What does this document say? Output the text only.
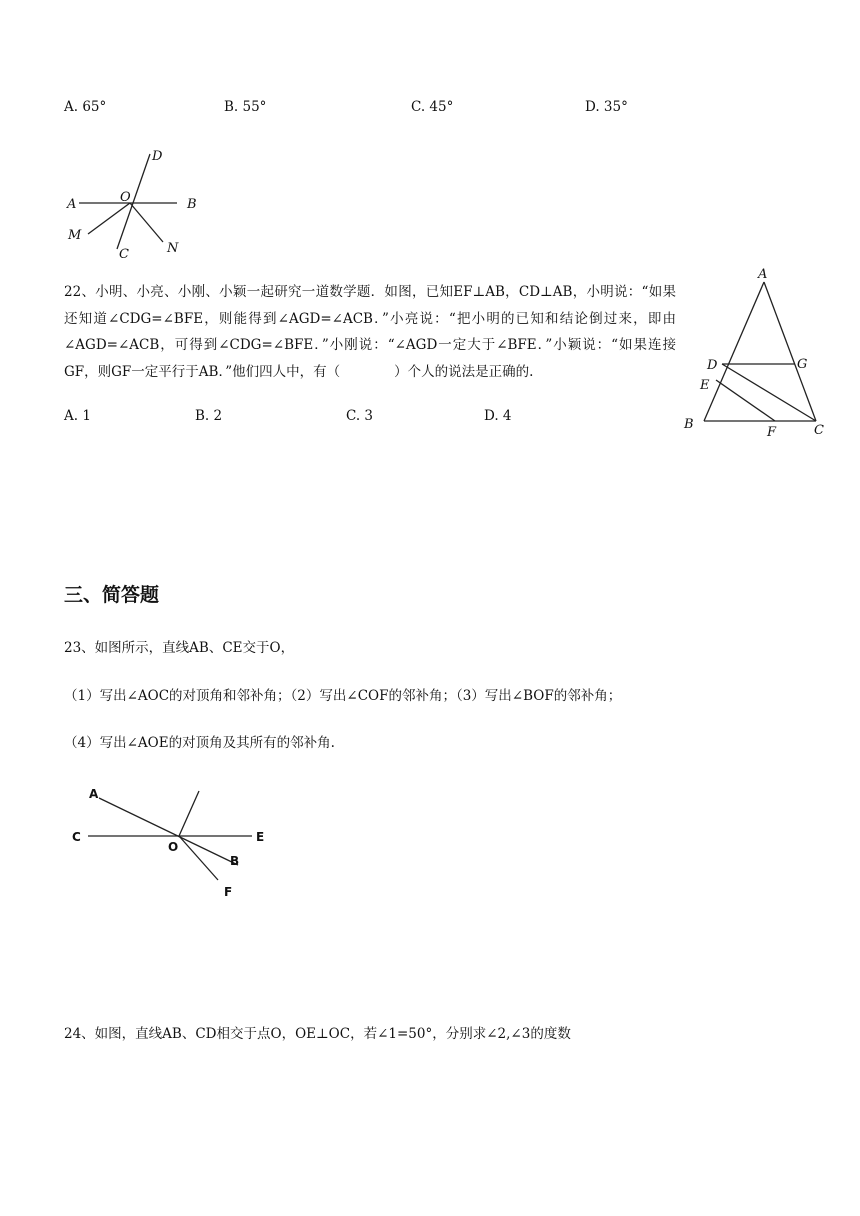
A. 65°	B. 55°	C. 45°	D. 35°
D
A	O	B
M
C	N
22、小明、小亮、小刚、小颖一起研究一道数学题．如图，已知EF⊥AB，CD⊥AB，小明说：“如果还知道∠CDG=∠BFE，则能得到∠AGD=∠ACB．”小亮说：“把小明的已知和结论倒过来，即由∠AGD=∠ACB，可得到∠CDG=∠BFE．”小刚说：“∠AGD一定大于∠BFE．”小颖说：“如果连接GF，则GF一定平行于AB．”他们四人中，有（　　　　）个人的说法是正确的.
A. 1	B. 2	C. 3	D. 4
A
D	G
E
B
F	C
三、简答题
23、如图所示，直线AB、CE交于O，
（1）写出∠AOC的对顶角和邻补角；（2）写出∠COF的邻补角；（3）写出∠BOF的邻补角；
（4）写出∠AOE的对顶角及其所有的邻补角.
A
C
O
E
B
F
24、如图，直线AB、CD相交于点O，OE⊥OC，若∠1=50°，分别求∠2,∠3的度数
